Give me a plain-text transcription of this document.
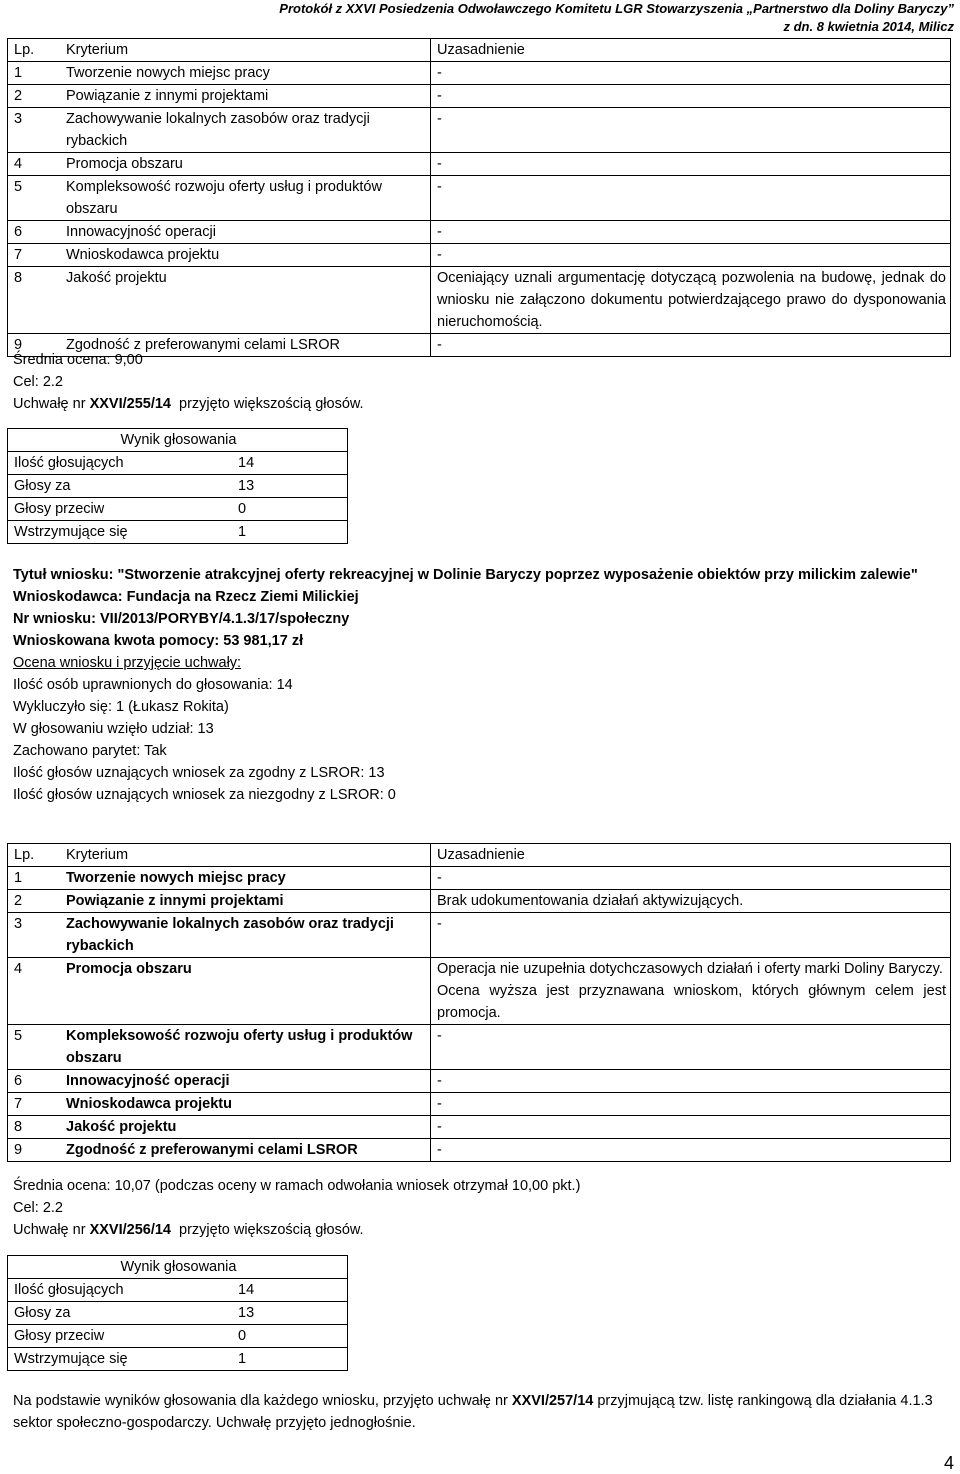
Protokół z XXVI Posiedzenia Odwoławczego Komitetu LGR Stowarzyszenia „Partnerstwo dla Doliny Baryczy”
z dn. 8 kwietnia 2014, Milicz
Lp.	Kryterium	Uzasadnienie
1	Tworzenie nowych miejsc pracy	-
2	Powiązanie z innymi projektami	-
3	Zachowywanie lokalnych zasobów oraz tradycji rybackich	-
4	Promocja obszaru	-
5	Kompleksowość rozwoju oferty usług i produktów obszaru	-
6	Innowacyjność operacji	-
7	Wnioskodawca projektu	-
8	Jakość projektu	Oceniający uznali argumentację dotyczącą pozwolenia na budowę, jednak do wniosku nie załączono dokumentu potwierdzającego prawo do dysponowania nieruchomością.
9	Zgodność z preferowanymi celami LSROR	-
Średnia ocena: 9,00
Cel: 2.2
Uchwałę nr XXVI/255/14  przyjęto większością głosów.
Wynik głosowania	
Ilość głosujących	14
Głosy za	13
Głosy przeciw	0
Wstrzymujące się	1
Tytuł wniosku: "Stworzenie atrakcyjnej oferty rekreacyjnej w Dolinie Baryczy poprzez wyposażenie obiektów przy milickim zalewie"
Wnioskodawca: Fundacja na Rzecz Ziemi Milickiej
Nr wniosku: VII/2013/PORYBY/4.1.3/17/społeczny
Wnioskowana kwota pomocy: 53 981,17 zł
Ocena wniosku i przyjęcie uchwały:
Ilość osób uprawnionych do głosowania: 14
Wykluczyło się: 1 (Łukasz Rokita)
W głosowaniu wzięło udział: 13
Zachowano parytet: Tak
Ilość głosów uznających wniosek za zgodny z LSROR: 13
Ilość głosów uznających wniosek za niezgodny z LSROR: 0
Lp.	Kryterium	Uzasadnienie
1	Tworzenie nowych miejsc pracy	-
2	Powiązanie z innymi projektami	Brak udokumentowania działań aktywizujących.
3	Zachowywanie lokalnych zasobów oraz tradycji rybackich	-
4	Promocja obszaru	Operacja nie uzupełnia dotychczasowych działań i oferty marki Doliny Baryczy.
Ocena wyższa jest przyznawana wnioskom, których głównym celem jest promocja.

5	Kompleksowość rozwoju oferty usług i produktów obszaru	-
6	Innowacyjność operacji	-
7	Wnioskodawca projektu	-
8	Jakość projektu	-
9	Zgodność z preferowanymi celami LSROR	-
Średnia ocena: 10,07 (podczas oceny w ramach odwołania wniosek otrzymał 10,00 pkt.)
Cel: 2.2
Uchwałę nr XXVI/256/14  przyjęto większością głosów.
Wynik głosowania	
Ilość głosujących	14
Głosy za	13
Głosy przeciw	0
Wstrzymujące się	1
Na podstawie wyników głosowania dla każdego wniosku, przyjęto uchwałę nr XXVI/257/14 przyjmującą tzw. listę rankingową dla działania 4.1.3 sektor społeczno-gospodarczy. Uchwałę przyjęto jednogłośnie.
4
